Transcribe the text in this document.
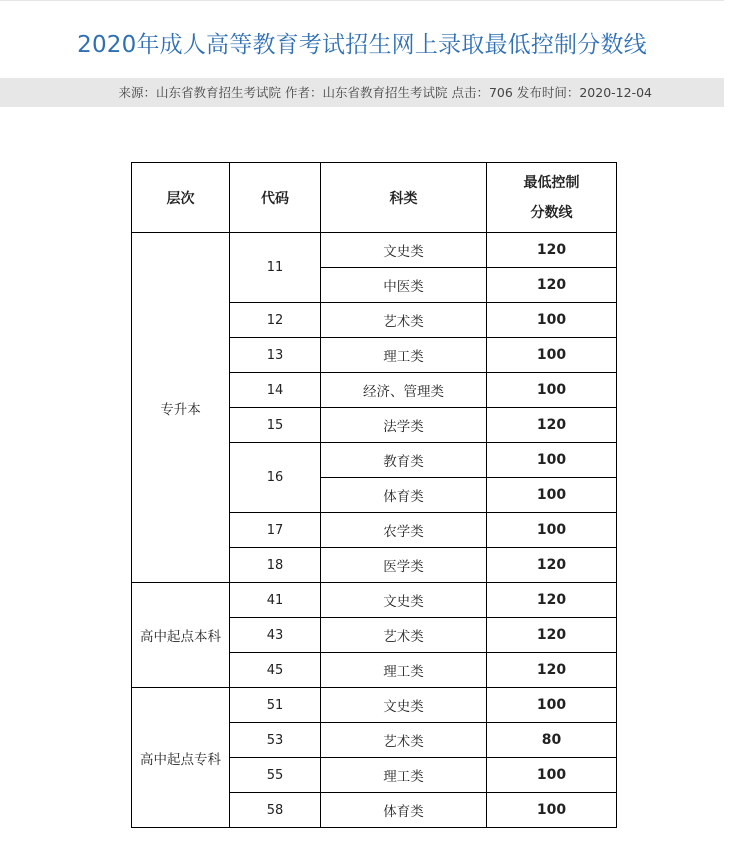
2020年成人高等教育考试招生网上录取最低控制分数线
来源：山东省教育招生考试院 作者：山东省教育招生考试院 点击：706 发布时间：2020-12-04
层次	代码	科类	最低控制
分数线

专升本	11	文史类	120
		中医类	120
	12	艺术类	100
	13	理工类	100
	14	经济、管理类	100
	15	法学类	120
	16	教育类	100
		体育类	100
	17	农学类	100
	18	医学类	120
高中起点本科	41	文史类	120
	43	艺术类	120
	45	理工类	120
高中起点专科	51	文史类	100
	53	艺术类	80
	55	理工类	100
	58	体育类	100
